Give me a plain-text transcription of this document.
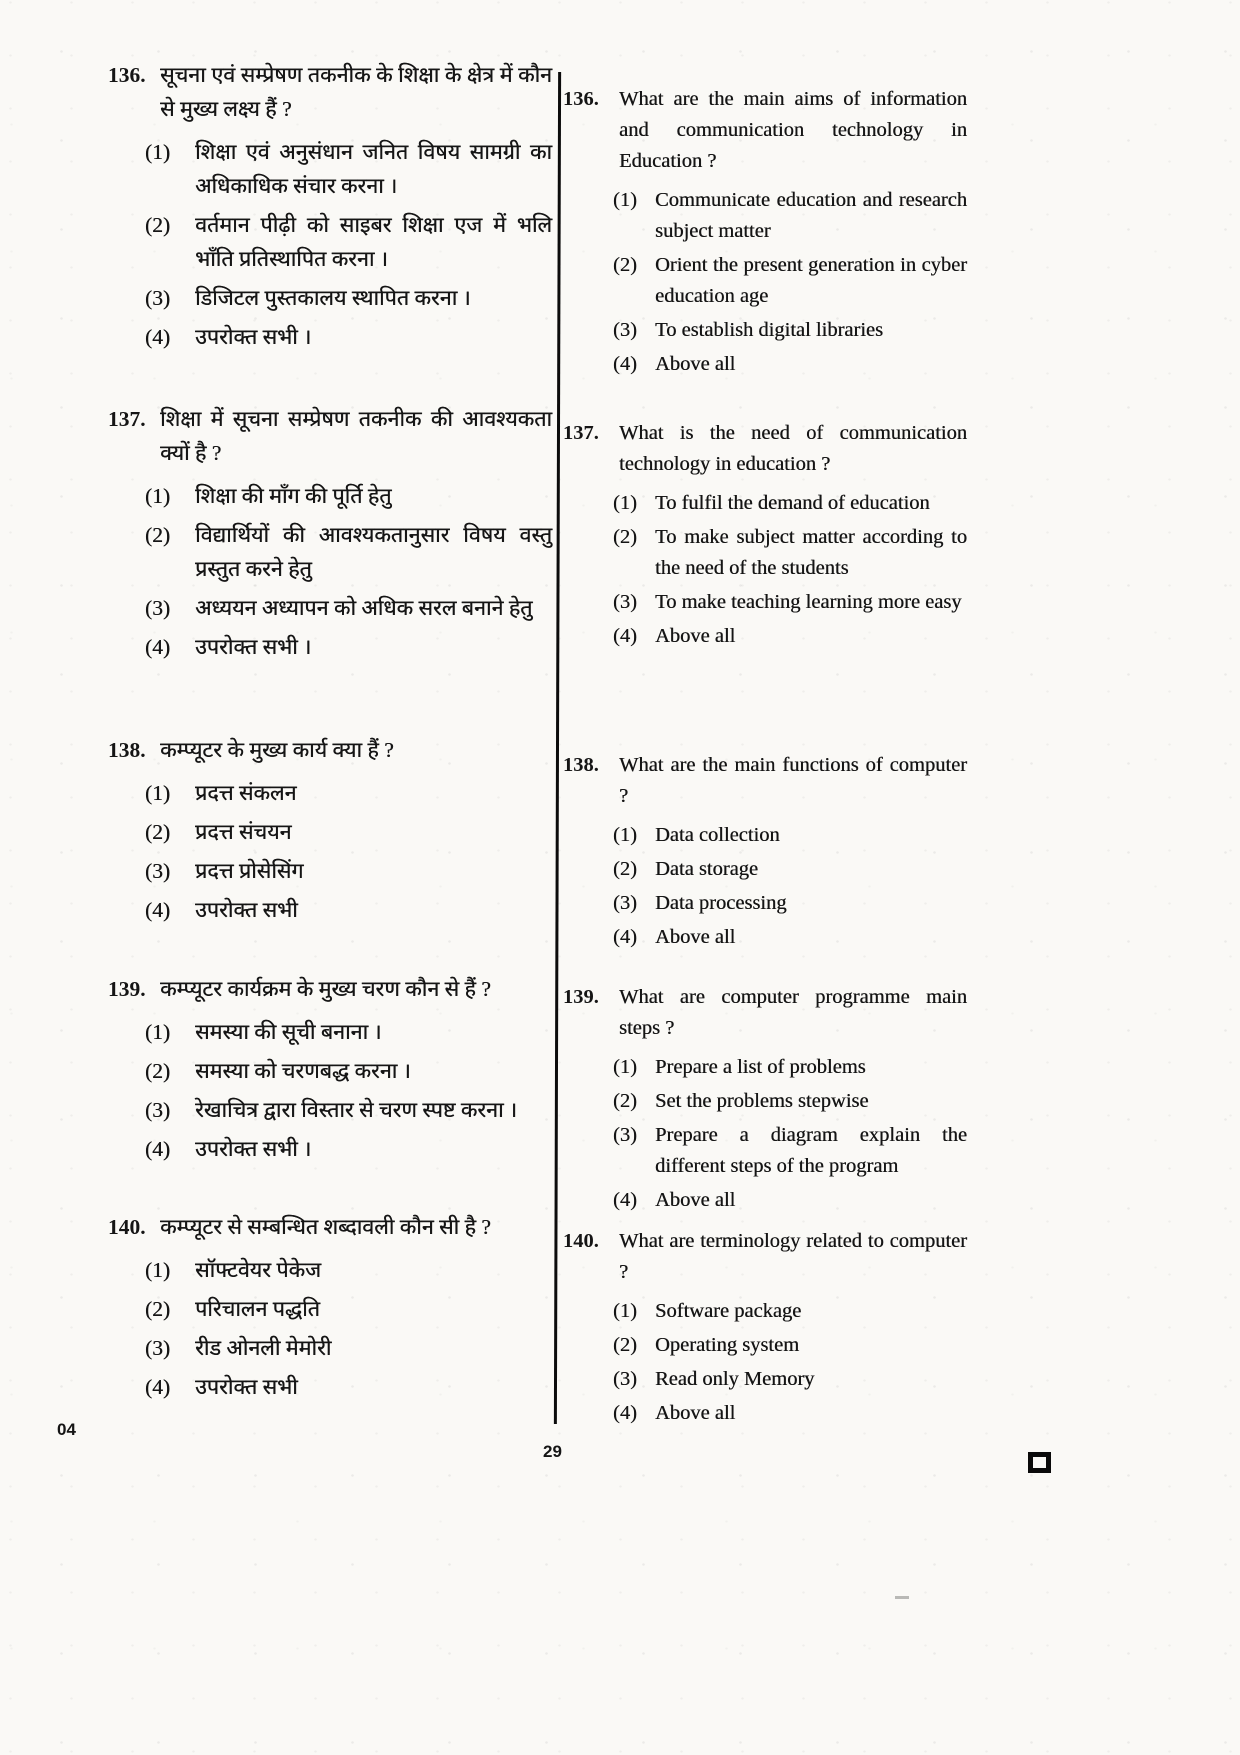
136. सूचना एवं सम्प्रेषण तकनीक के शिक्षा के क्षेत्र में कौन से मुख्य लक्ष्य हैं ?
(1)	शिक्षा एवं अनुसंधान जनित विषय सामग्री का अधिकाधिक संचार करना ।
(2)	वर्तमान पीढ़ी को साइबर शिक्षा एज में भलि भाँति प्रतिस्थापित करना ।
(3)	डिजिटल पुस्तकालय स्थापित करना ।
(4)	उपरोक्त सभी ।
137. शिक्षा में सूचना सम्प्रेषण तकनीक की आवश्यकता क्यों है ?
(1)	शिक्षा की माँग की पूर्ति हेतु
(2)	विद्यार्थियों की आवश्यकतानुसार विषय वस्तु प्रस्तुत करने हेतु
(3)	अध्ययन अध्यापन को अधिक सरल बनाने हेतु
(4)	उपरोक्त सभी ।
138. कम्प्यूटर के मुख्य कार्य क्या हैं ?
(1)	प्रदत्त संकलन
(2)	प्रदत्त संचयन
(3)	प्रदत्त प्रोसेसिंग
(4)	उपरोक्त सभी
139. कम्प्यूटर कार्यक्रम के मुख्य चरण कौन से हैं ?
(1)	समस्या की सूची बनाना ।
(2)	समस्या को चरणबद्ध करना ।
(3)	रेखाचित्र द्वारा विस्तार से चरण स्पष्ट करना ।
(4)	उपरोक्त सभी ।
140. कम्प्यूटर से सम्बन्धित शब्दावली कौन सी है ?
(1)	सॉफ्टवेयर पेकेज
(2)	परिचालन पद्धति
(3)	रीड ओनली मेमोरी
(4)	उपरोक्त सभी
136. What are the main aims of information and communication technology in Education ?
(1) Communicate education and research subject matter
(2) Orient the present generation in cyber education age
(3) To establish digital libraries
(4) Above all
137. What is the need of communication technology in education ?
(1) To fulfil the demand of education
(2) To make subject matter according to the need of the students
(3) To make teaching learning more easy
(4) Above all
138. What are the main functions of computer ?
(1) Data collection
(2) Data storage
(3) Data processing
(4) Above all
139. What are computer programme main steps ?
(1) Prepare a list of problems
(2) Set the problems stepwise
(3) Prepare a diagram explain the different steps of the program
(4) Above all
140. What are terminology related to computer ?
(1) Software package
(2) Operating system
(3) Read only Memory
(4) Above all
04
29
